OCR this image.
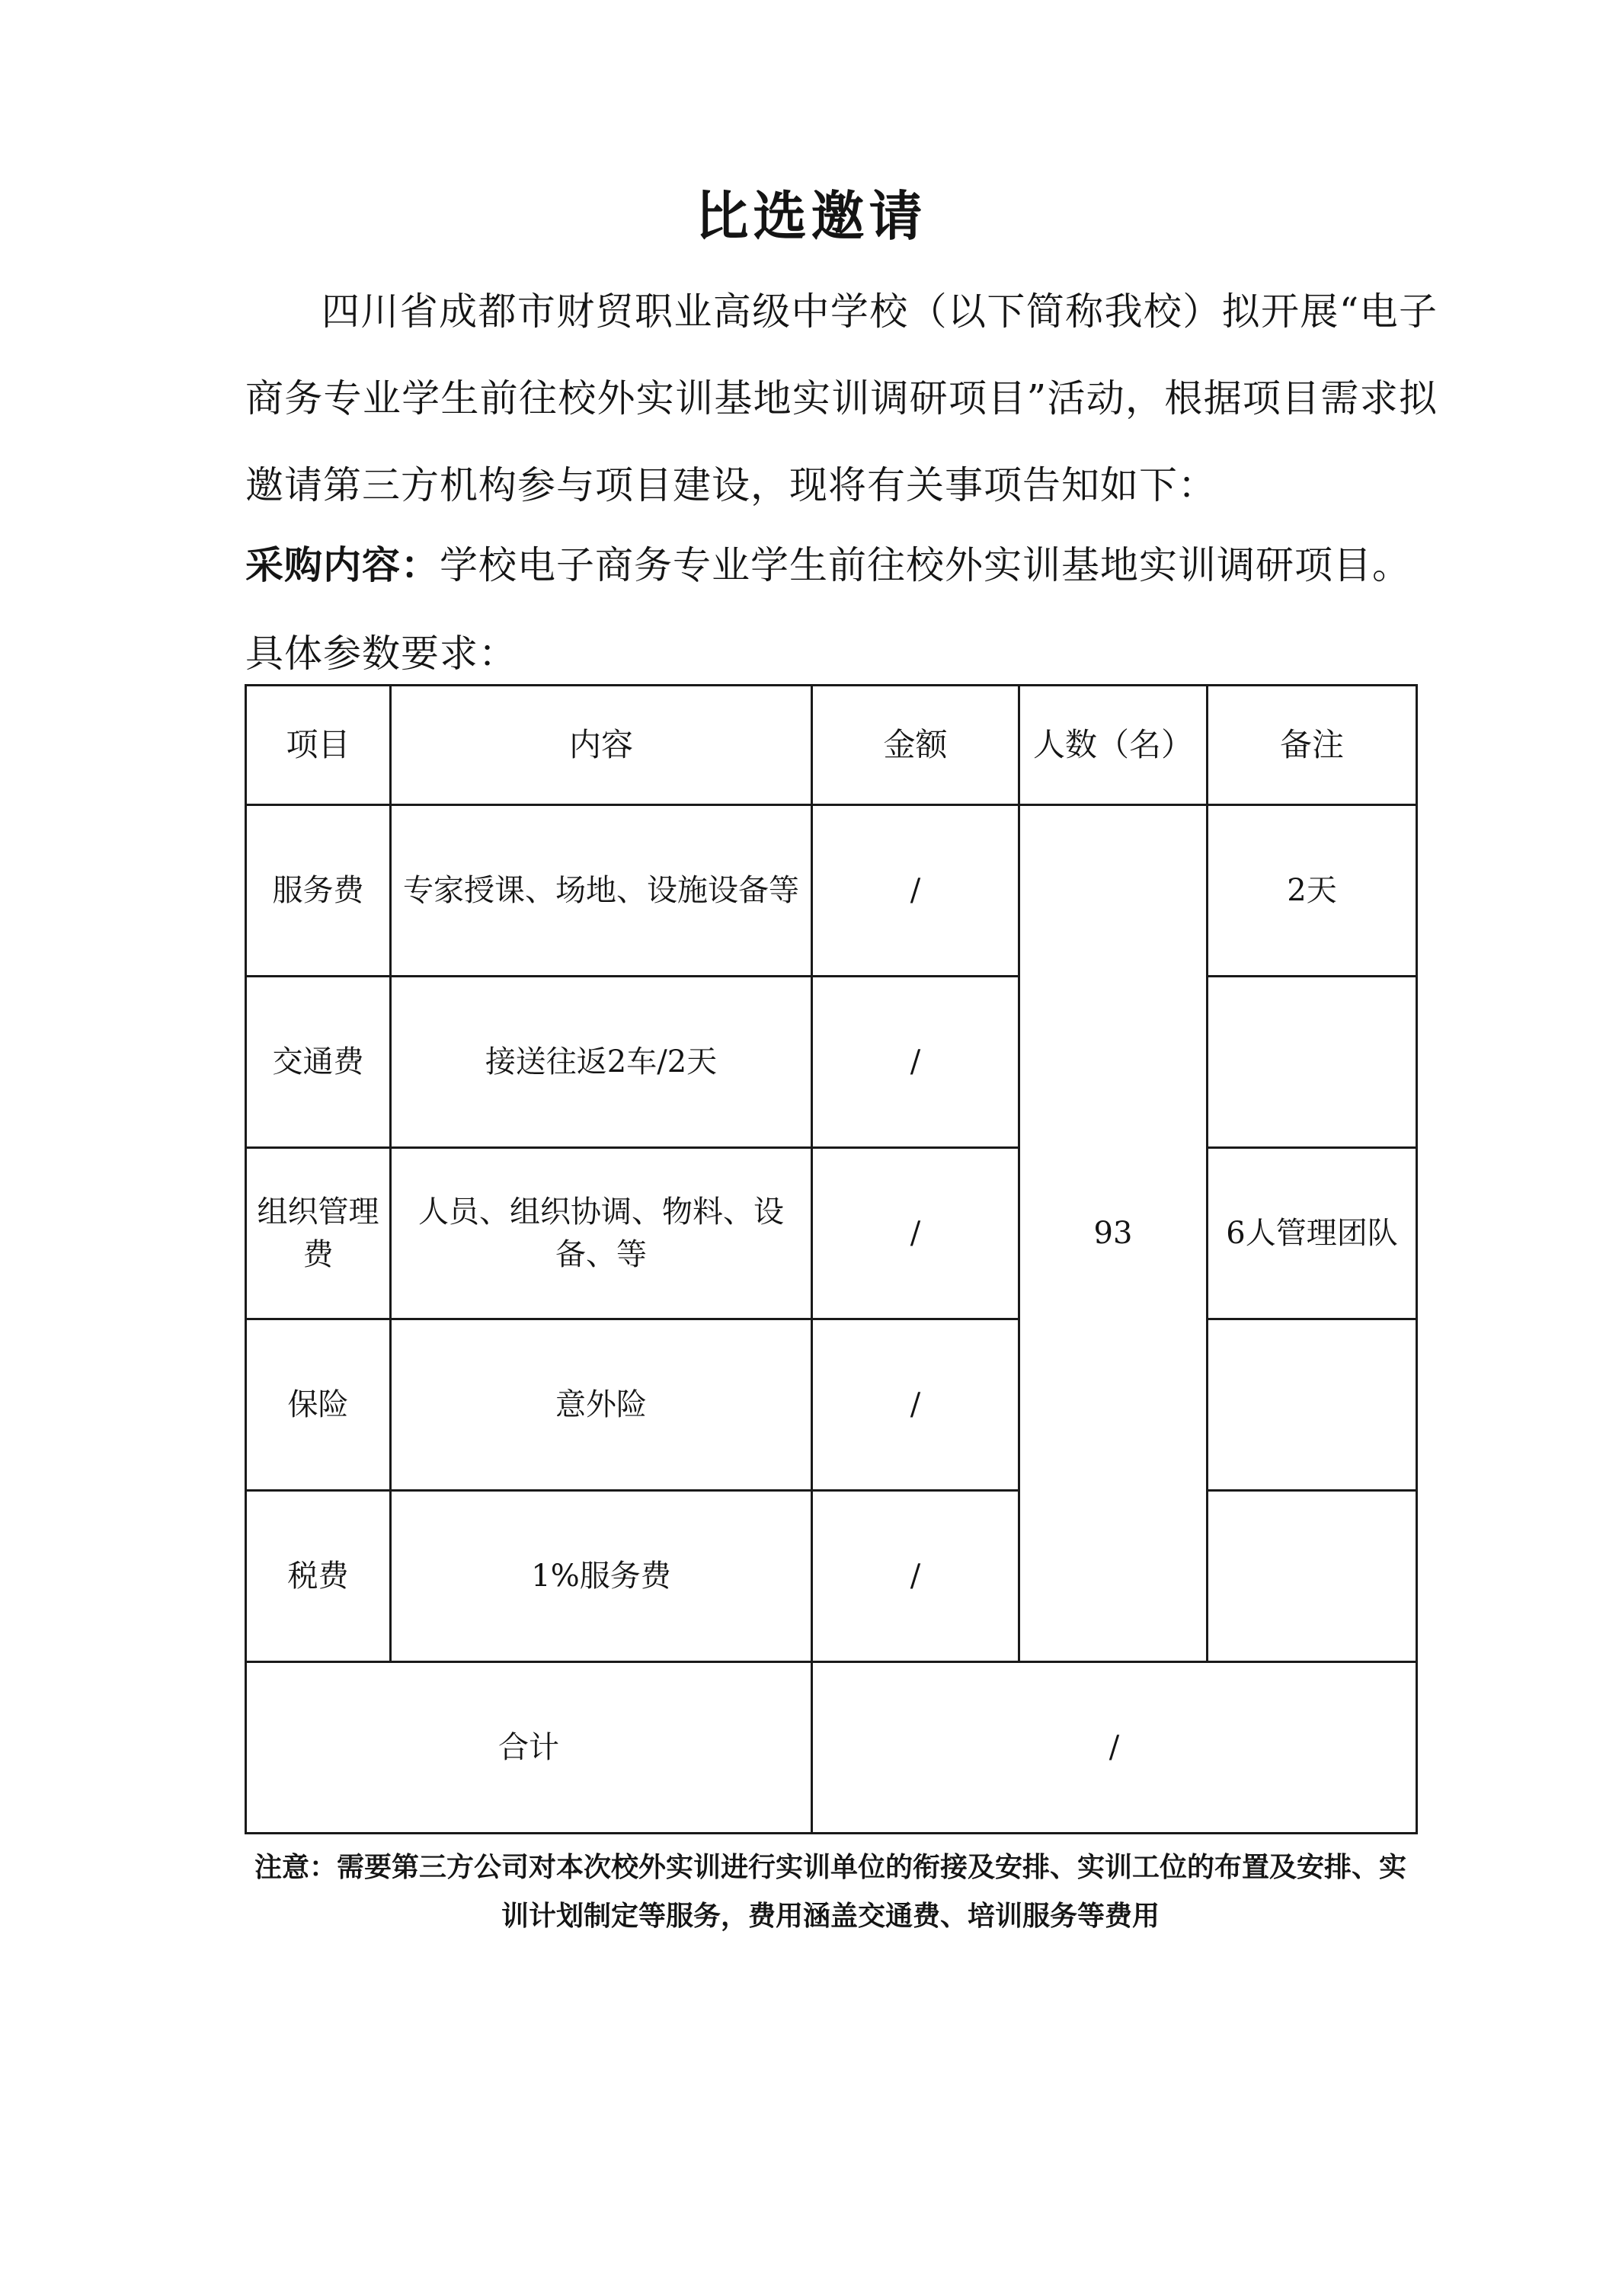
比选邀请
四川省成都市财贸职业高级中学校（以下简称我校）拟开展“电子商务专业学生前往校外实训基地实训调研项目”活动，根据项目需求拟邀请第三方机构参与项目建设，现将有关事项告知如下：
采购内容：学校电子商务专业学生前往校外实训基地实训调研项目。
具体参数要求：
项目	内容	金额	人数（名）	备注
服务费	专家授课、场地、设施设备等	/	93	2天
交通费	接送往返2车/2天	/		
组织管理费	人员、组织协调、物料、设备、等	/		6人管理团队
保险	意外险	/		
税费	1%服务费	/		
合计		/		
注意：需要第三方公司对本次校外实训进行实训单位的衔接及安排、实训工位的布置及安排、实训计划制定等服务，费用涵盖交通费、培训服务等费用
